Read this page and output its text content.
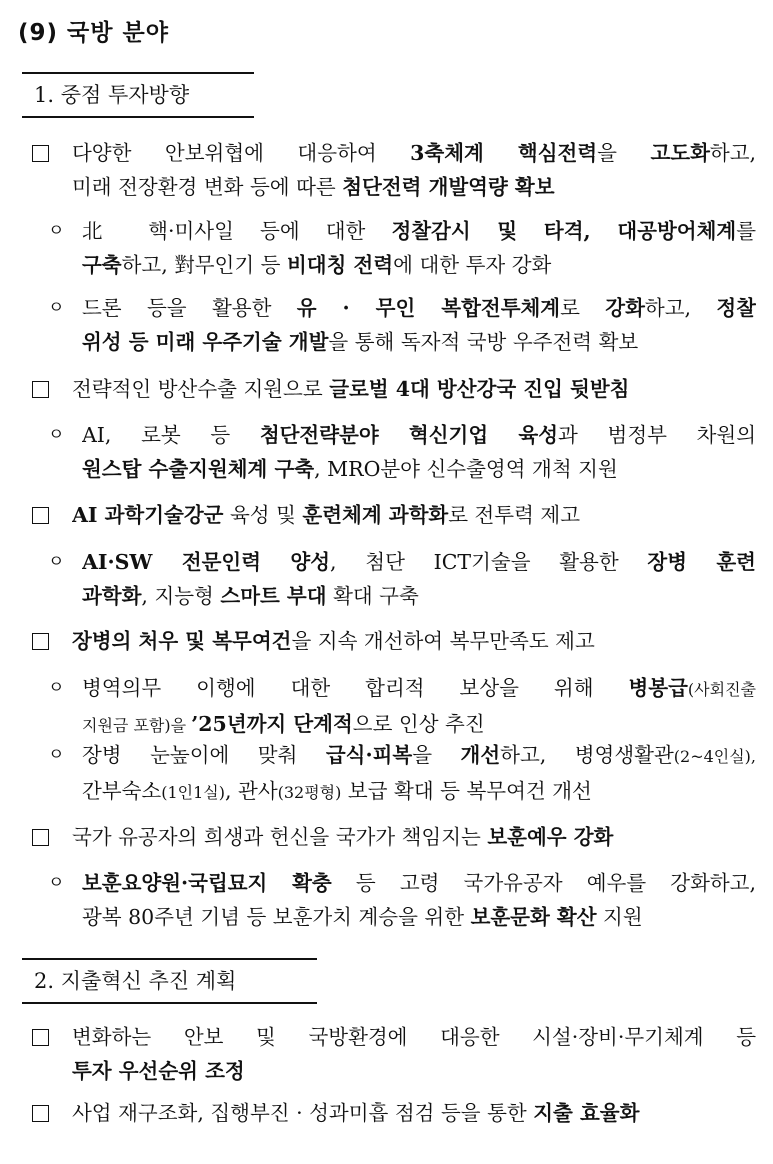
(9) 국방 분야
1. 중점 투자방향
다양한 안보위협에 대응하여 3축체계 핵심전력을 고도화하고,
미래 전장환경 변화 등에 따른 첨단전력 개발역량 확보
ㅇ 北 핵·미사일 등에 대한 정찰감시 및 타격, 대공방어체계를
구축하고, 對무인기 등 비대칭 전력에 대한 투자 강화
ㅇ 드론 등을 활용한 유 · 무인 복합전투체계로 강화하고, 정찰
위성 등 미래 우주기술 개발을 통해 독자적 국방 우주전력 확보
전략적인 방산수출 지원으로 글로벌 4대 방산강국 진입 뒷받침
ㅇ AI, 로봇 등 첨단전략분야 혁신기업 육성과 범정부 차원의
원스탑 수출지원체계 구축, MRO분야 신수출영역 개척 지원
AI 과학기술강군 육성 및 훈련체계 과학화로 전투력 제고
ㅇ AI·SW 전문인력 양성, 첨단 ICT기술을 활용한 장병 훈련
과학화, 지능형 스마트 부대 확대 구축
장병의 처우 및 복무여건을 지속 개선하여 복무만족도 제고
ㅇ 병역의무 이행에 대한 합리적 보상을 위해 병봉급(사회진출
지원금 포함)을 ’25년까지 단계적으로 인상 추진
ㅇ 장병 눈높이에 맞춰 급식·피복을 개선하고, 병영생활관(2~4인실),
간부숙소(1인1실), 관사(32평형) 보급 확대 등 복무여건 개선
국가 유공자의 희생과 헌신을 국가가 책임지는 보훈예우 강화
ㅇ 보훈요양원·국립묘지 확충 등 고령 국가유공자 예우를 강화하고,
광복 80주년 기념 등 보훈가치 계승을 위한 보훈문화 확산 지원
2. 지출혁신 추진 계획
변화하는 안보 및 국방환경에 대응한 시설·장비·무기체계 등
투자 우선순위 조정
사업 재구조화, 집행부진 · 성과미흡 점검 등을 통한 지출 효율화
